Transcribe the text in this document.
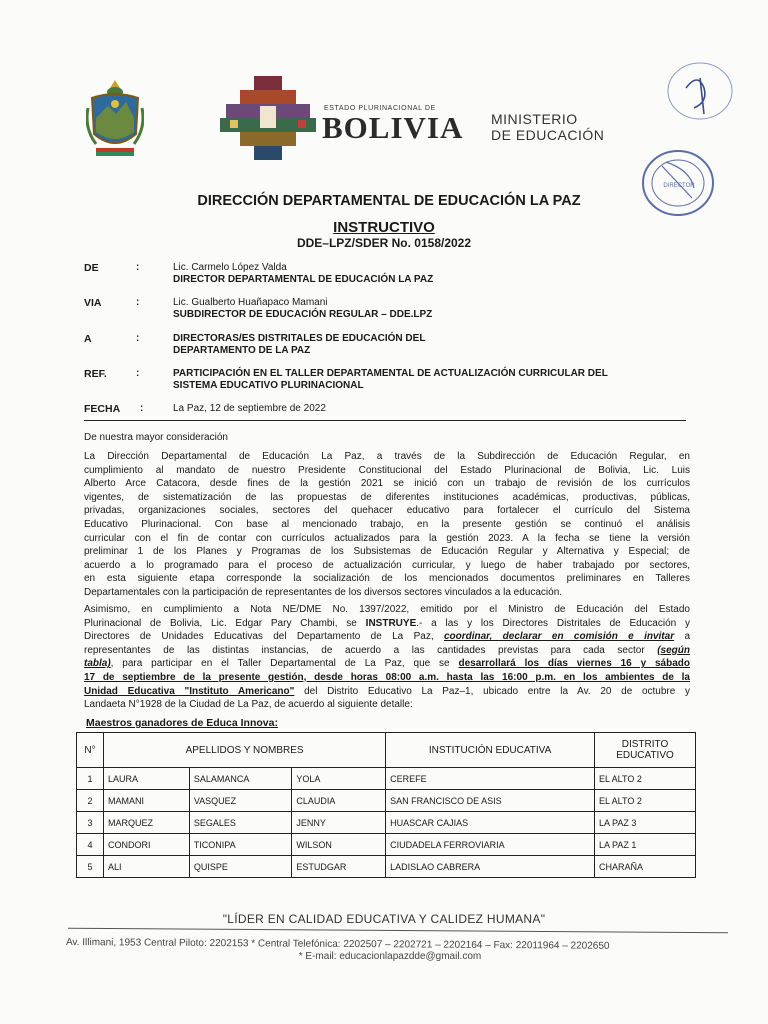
ESTADO PLURINACIONAL DE
BOLIVIA MINISTERIO
DE EDUCACIÓN
DIRECTOR
DIRECCIÓN DEPARTAMENTAL DE EDUCACIÓN LA PAZ
INSTRUCTIVO
DDE–LPZ/SDER No. 0158/2022
DE	:	Lic. Carmelo López Valda
DIRECTOR DEPARTAMENTAL DE EDUCACIÓN LA PAZ
VIA	:	Lic. Gualberto Huañapaco Mamani
SUBDIRECTOR DE EDUCACIÓN REGULAR – DDE.LPZ
A	:	DIRECTORAS/ES DISTRITALES DE EDUCACIÓN DEL
DEPARTAMENTO DE LA PAZ
REF.	:	PARTICIPACIÓN EN EL TALLER DEPARTAMENTAL DE ACTUALIZACIÓN CURRICULAR DEL
SISTEMA EDUCATIVO PLURINACIONAL
FECHA :	La Paz, 12 de septiembre de 2022
De nuestra mayor consideración
La Dirección Departamental de Educación La Paz, a través de la Subdirección de Educación Regular, en
cumplimiento al mandato de nuestro Presidente Constitucional del Estado Plurinacional de Bolivia, Lic. Luis
Alberto Arce Catacora, desde fines de la gestión 2021 se inició con un trabajo de revisión de los currículos
vigentes, de sistematización de las propuestas de diferentes instituciones académicas, productivas, públicas,
privadas, organizaciones sociales, sectores del quehacer educativo para fortalecer el currículo del Sistema
Educativo Plurinacional. Con base al mencionado trabajo, en la presente gestión se continuó el análisis
curricular con el fin de contar con currículos actualizados para la gestión 2023. A la fecha se tiene la versión
preliminar 1 de los Planes y Programas de los Subsistemas de Educación Regular y Alternativa y Especial; de
acuerdo a lo programado para el proceso de actualización curricular, y luego de haber trabajado por sectores,
en esta siguiente etapa corresponde la socialización de los mencionados documentos preliminares en Talleres
Departamentales con la participación de representantes de los diversos sectores vinculados a la educación.
Asimismo, en cumplimiento a Nota NE/DME No. 1397/2022, emitido por el Ministro de Educación del Estado
Plurinacional de Bolivia, Lic. Edgar Pary Chambi, se INSTRUYE.- a las y los Directores Distritales de Educación y
Directores de Unidades Educativas del Departamento de La Paz, coordinar, declarar en comisión e invitar a
representantes de las distintas instancias, de acuerdo a las cantidades previstas para cada sector (según
tabla), para participar en el Taller Departamental de La Paz, que se desarrollará los días viernes 16 y sábado
17 de septiembre de la presente gestión, desde horas 08:00 a.m. hasta las 16:00 p.m. en los ambientes de la
Unidad Educativa "Instituto Americano" del Distrito Educativo La Paz–1, ubicado entre la Av. 20 de octubre y
Landaeta N°1928 de la Ciudad de La Paz, de acuerdo al siguiente detalle:
Maestros ganadores de Educa Innova:
N°	APELLIDOS Y NOMBRES			INSTITUCIÓN EDUCATIVA	DISTRITO EDUCATIVO
1	LAURA	SALAMANCA	YOLA	CEREFE	EL ALTO 2
2	MAMANI	VASQUEZ	CLAUDIA	SAN FRANCISCO DE ASIS	EL ALTO 2
3	MARQUEZ	SEGALES	JENNY	HUASCAR CAJIAS	LA PAZ 3
4	CONDORI	TICONIPA	WILSON	CIUDADELA FERROVIARIA	LA PAZ 1
5	ALI	QUISPE	ESTUDGAR	LADISLAO CABRERA	CHARAÑA
"LÍDER EN CALIDAD EDUCATIVA Y CALIDEZ HUMANA"
Av. Illimani, 1953 Central Piloto: 2202153 * Central Telefónica: 2202507 – 2202721 – 2202164 – Fax: 22011964 – 2202650
* E-mail: educacionlapazdde@gmail.com
